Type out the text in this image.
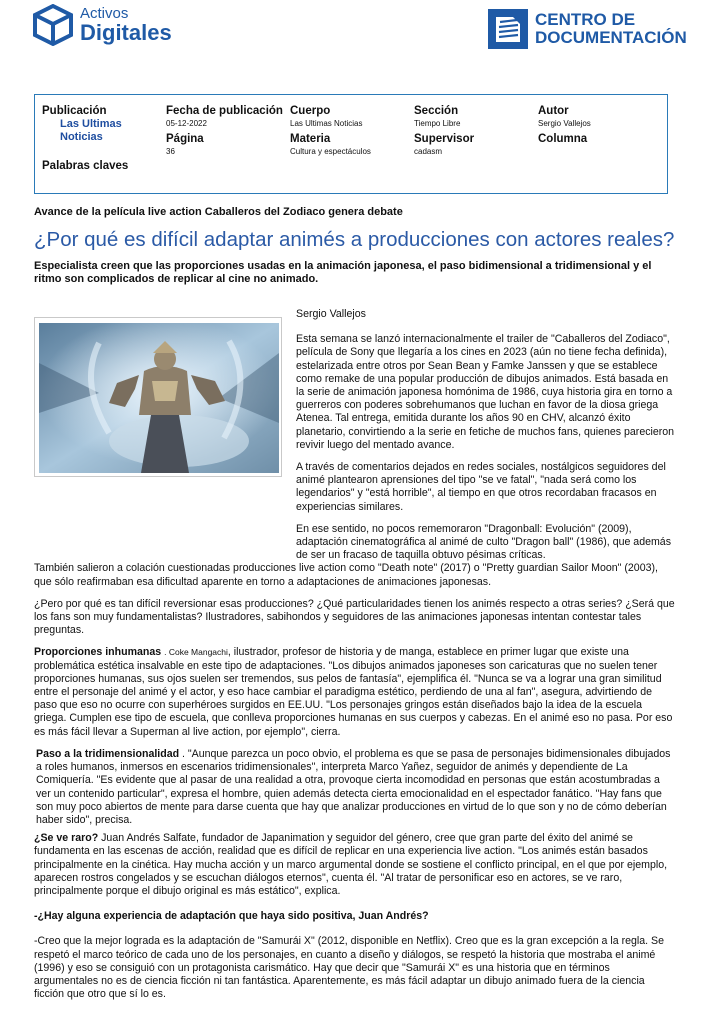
Activos
Digitales
CENTRO DE
DOCUMENTACIÓN
Publicación
Las Ultimas Noticias
Palabras claves
Fecha de publicación
05-12-2022
Página
36
Cuerpo
Las Ultimas Noticias
Materia
Cultura y espectáculos
Sección
Tiempo Libre
Supervisor
cadasm
Autor
Sergio Vallejos
Columna
Avance de la película live action Caballeros del Zodiaco genera debate
¿Por qué es difícil adaptar animés a producciones con actores reales?
Especialista creen que las proporciones usadas en la animación japonesa, el paso bidimensional a tridimensional y el ritmo son complicados de replicar al cine no animado.

Sergio Vallejos

Esta semana se lanzó internacionalmente el trailer de "Caballeros del Zodiaco", película de Sony que llegaría a los cines en 2023 (aún no tiene fecha definida), estelarizada entre otros por Sean Bean y Famke Janssen y que se establece como remake de una popular producción de dibujos animados. Está basada en la serie de animación japonesa homónima de 1986, cuya historia gira en torno a guerreros con poderes sobrehumanos que luchan en favor de la diosa griega Atenea. Tal entrega, emitida durante los años 90 en CHV, alcanzó éxito planetario, convirtiendo a la serie en fetiche de muchos fans, quienes parecieron revivir luego del mentado avance.

A través de comentarios dejados en redes sociales, nostálgicos seguidores del animé plantearon aprensiones del tipo "se ve fatal", "nada será como los legendarios" y "está horrible", al tiempo en que otros recordaban fracasos en experiencias similares.

En ese sentido, no pocos rememoraron "Dragonball: Evolución" (2009), adaptación cinematográfica al animé de culto "Dragon ball" (1986), que además de ser un fracaso de taquilla obtuvo pésimas críticas.
También salieron a colación cuestionadas producciones live action como "Death note" (2017) o "Pretty guardian Sailor Moon" (2003), que sólo reafirmaban esa dificultad aparente en torno a adaptaciones de animaciones japonesas.

¿Pero por qué es tan difícil reversionar esas producciones? ¿Qué particularidades tienen los animés respecto a otras series? ¿Será que los fans son muy fundamentalistas? Ilustradores, sabihondos y seguidores de las animaciones japonesas intentan contestar tales preguntas.

Proporciones inhumanas . Coke Mangachi, ilustrador, profesor de historia y de manga, establece en primer lugar que existe una problemática estética insalvable en este tipo de adaptaciones. "Los dibujos animados japoneses son caricaturas que no suelen tener proporciones humanas, sus ojos suelen ser tremendos, sus pelos de fantasía", ejemplifica él. "Nunca se va a lograr una gran similitud entre el personaje del animé y el actor, y eso hace cambiar el paradigma estético, perdiendo de una al fan", asegura, advirtiendo de paso que eso no ocurre con superhéroes surgidos en EE.UU. "Los personajes gringos están diseñados bajo la idea de la escuela griega. Cumplen ese tipo de escuela, que conlleva proporciones humanas en sus cuerpos y cabezas. En el animé eso no pasa. Por eso es más fácil llevar a Superman al live action, por ejemplo", cierra.

Paso a la tridimensionalidad . "Aunque parezca un poco obvio, el problema es que se pasa de personajes bidimensionales dibujados a roles humanos, inmersos en escenarios tridimensionales", interpreta Marco Yañez, seguidor de animés y dependiente de La Comiquería. "Es evidente que al pasar de una realidad a otra, provoque cierta incomodidad en personas que están acostumbradas a ver un contenido particular", expresa el hombre, quien además detecta cierta emocionalidad en el espectador fanático. "Hay fans que son muy poco abiertos de mente para darse cuenta que hay que analizar producciones en virtud de lo que son y no de cómo deberían haber sido", precisa.

¿Se ve raro? Juan Andrés Salfate, fundador de Japanimation y seguidor del género, cree que gran parte del éxito del animé se fundamenta en las escenas de acción, realidad que es difícil de replicar en una experiencia live action. "Los animés están basados principalmente en la cinética. Hay mucha acción y un marco argumental donde se sostiene el conflicto principal, en el que por ejemplo, aparecen rostros congelados y se escuchan diálogos eternos", cuenta él. "Al tratar de personificar eso en actores, se ve raro, principalmente porque el dibujo original es más estático", explica.

-¿Hay alguna experiencia de adaptación que haya sido positiva, Juan Andrés?

-Creo que la mejor lograda es la adaptación de "Samurái X" (2012, disponible en Netflix). Creo que es la gran excepción a la regla. Se respetó el marco teórico de cada uno de los personajes, en cuanto a diseño y diálogos, se respetó la historia que mostraba el animé (1996) y eso se consiguió con un protagonista carismático. Hay que decir que "Samurái X" es una historia que en términos argumentales no es de ciencia ficción ni tan fantástica. Aparentemente, es más fácil adaptar un dibujo animado fuera de la ciencia ficción que otro que sí lo es.
